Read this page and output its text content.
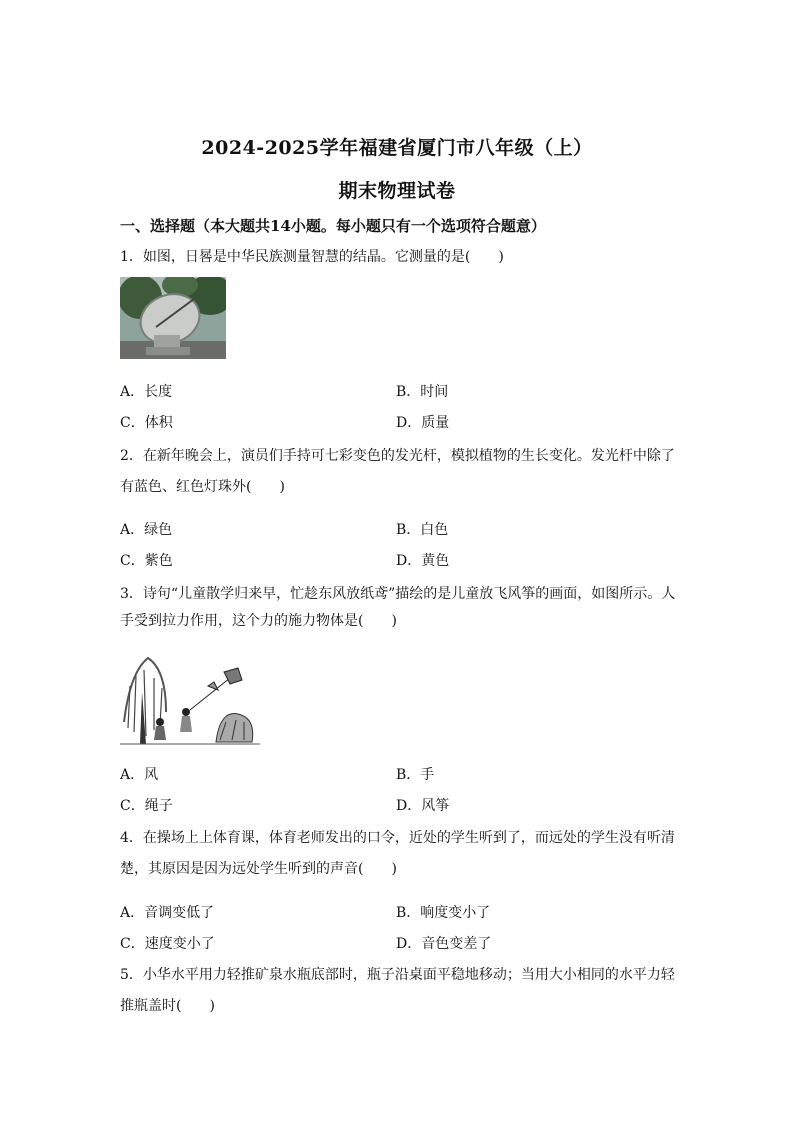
2024-2025学年福建省厦门市八年级（上）
期末物理试卷
一、选择题（本大题共14小题。每小题只有一个选项符合题意）
1．如图，日晷是中华民族测量智慧的结晶。它测量的是(　　)
A．长度	B．时间
C．体积	D．质量
2．在新年晚会上，演员们手持可七彩变色的发光杆，模拟植物的生长变化。发光杆中除了
有蓝色、红色灯珠外(　　)
A．绿色	B．白色
C．紫色	D．黄色
3．诗句“儿童散学归来早，忙趁东风放纸鸢”描绘的是儿童放飞风筝的画面，如图所示。人
手受到拉力作用，这个力的施力物体是(　　)
A．风	B．手
C．绳子	D．风筝
4．在操场上上体育课，体育老师发出的口令，近处的学生听到了，而远处的学生没有听清
楚，其原因是因为远处学生听到的声音(　　)
A．音调变低了	B．响度变小了
C．速度变小了	D．音色变差了
5．小华水平用力轻推矿泉水瓶底部时，瓶子沿桌面平稳地移动；当用大小相同的水平力轻
推瓶盖时(　　)
